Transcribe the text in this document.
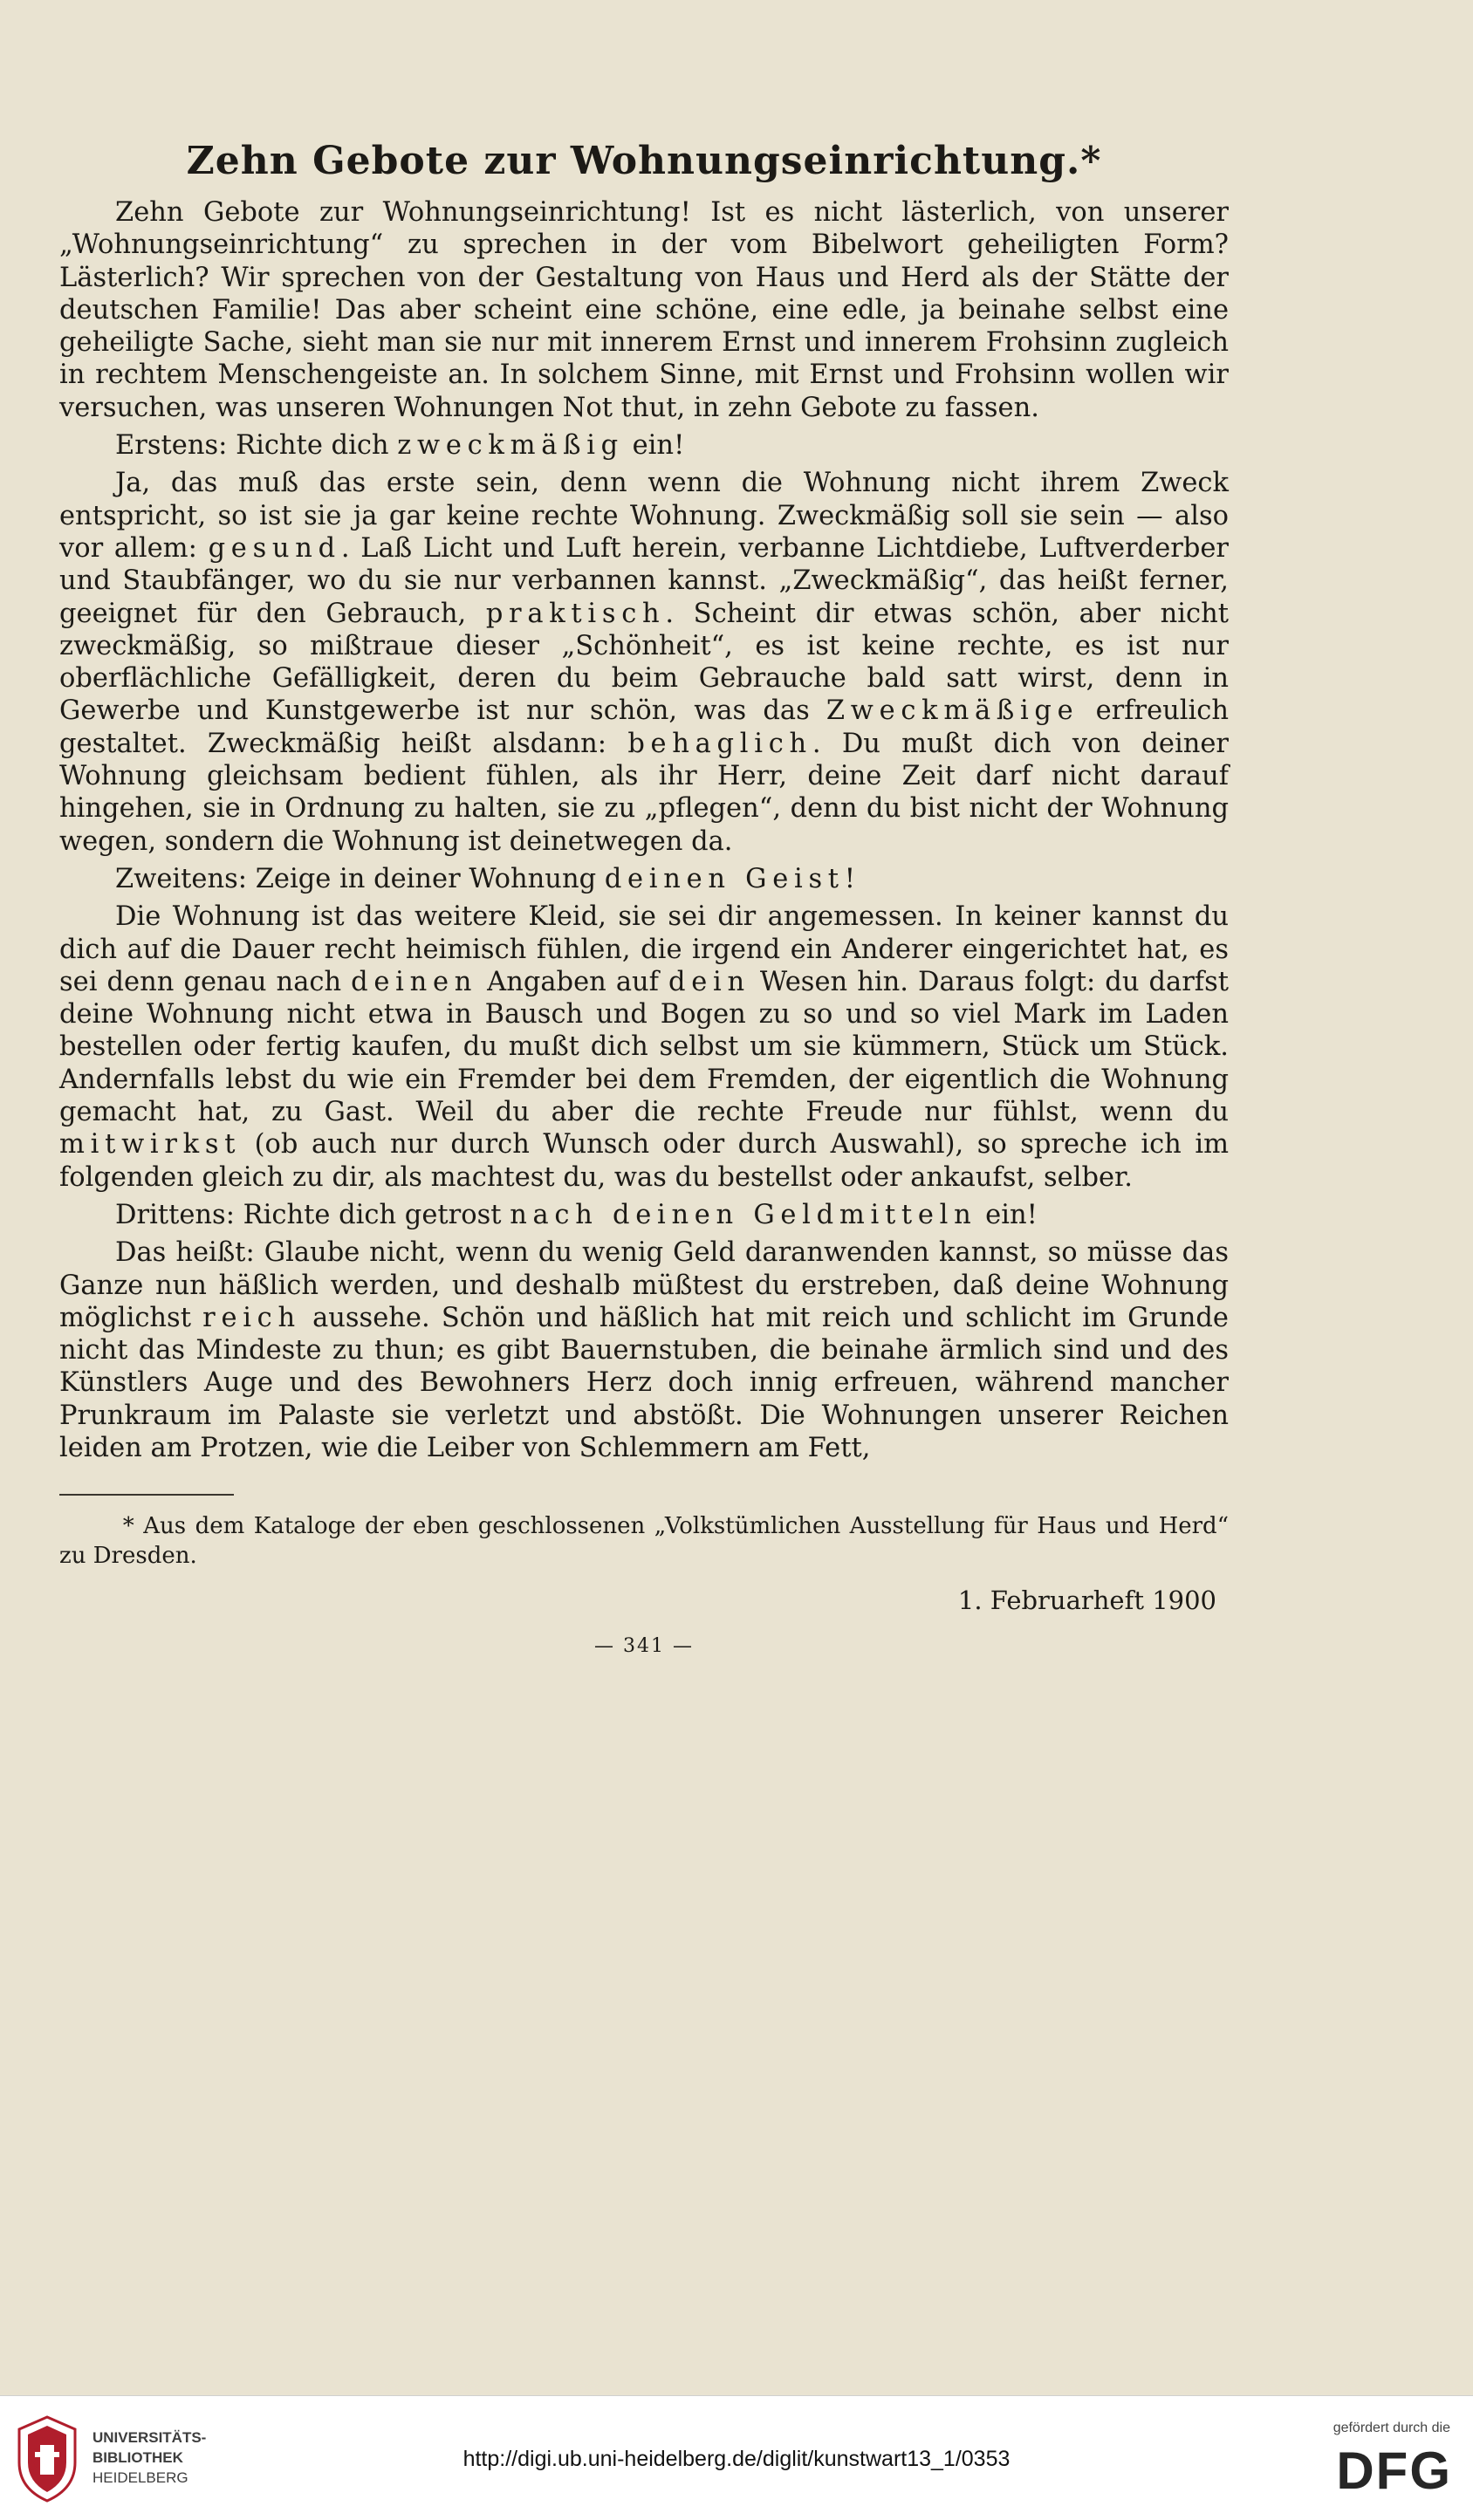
Zehn Gebote zur Wohnungseinrichtung.*

Zehn Gebote zur Wohnungseinrichtung! Ist es nicht lästerlich, von unserer „Wohnungseinrichtung“ zu sprechen in der vom Bibelwort geheiligten Form? Lästerlich? Wir sprechen von der Gestaltung von Haus und Herd als der Stätte der deutschen Familie! Das aber scheint eine schöne, eine edle, ja beinahe selbst eine geheiligte Sache, sieht man sie nur mit innerem Ernst und innerem Frohsinn zugleich in rechtem Menschengeiste an. In solchem Sinne, mit Ernst und Frohsinn wollen wir versuchen, was unseren Wohnungen Not thut, in zehn Gebote zu fassen.

Erstens: Richte dich zweckmäßig ein!

Ja, das muß das erste sein, denn wenn die Wohnung nicht ihrem Zweck entspricht, so ist sie ja gar keine rechte Wohnung. Zweckmäßig soll sie sein — also vor allem: gesund. Laß Licht und Luft herein, verbanne Lichtdiebe, Luftverderber und Staubfänger, wo du sie nur verbannen kannst. „Zweckmäßig“, das heißt ferner, geeignet für den Gebrauch, praktisch. Scheint dir etwas schön, aber nicht zweckmäßig, so mißtraue dieser „Schönheit“, es ist keine rechte, es ist nur oberflächliche Gefälligkeit, deren du beim Gebrauche bald satt wirst, denn in Gewerbe und Kunstgewerbe ist nur schön, was das Zweckmäßige erfreulich gestaltet. Zweckmäßig heißt alsdann: behaglich. Du mußt dich von deiner Wohnung gleichsam bedient fühlen, als ihr Herr, deine Zeit darf nicht darauf hingehen, sie in Ordnung zu halten, sie zu „pflegen“, denn du bist nicht der Wohnung wegen, sondern die Wohnung ist deinetwegen da.

Zweitens: Zeige in deiner Wohnung deinen Geist!

Die Wohnung ist das weitere Kleid, sie sei dir angemessen. In keiner kannst du dich auf die Dauer recht heimisch fühlen, die irgend ein Anderer eingerichtet hat, es sei denn genau nach deinen Angaben auf dein Wesen hin. Daraus folgt: du darfst deine Wohnung nicht etwa in Bausch und Bogen zu so und so viel Mark im Laden bestellen oder fertig kaufen, du mußt dich selbst um sie kümmern, Stück um Stück. Andernfalls lebst du wie ein Fremder bei dem Fremden, der eigentlich die Wohnung gemacht hat, zu Gast. Weil du aber die rechte Freude nur fühlst, wenn du mitwirkst (ob auch nur durch Wunsch oder durch Auswahl), so spreche ich im folgenden gleich zu dir, als machtest du, was du bestellst oder ankaufst, selber.

Drittens: Richte dich getrost nach deinen Geldmitteln ein!

Das heißt: Glaube nicht, wenn du wenig Geld daranwenden kannst, so müsse das Ganze nun häßlich werden, und deshalb müßtest du erstreben, daß deine Wohnung möglichst reich aussehe. Schön und häßlich hat mit reich und schlicht im Grunde nicht das Mindeste zu thun; es gibt Bauernstuben, die beinahe ärmlich sind und des Künstlers Auge und des Bewohners Herz doch innig erfreuen, während mancher Prunkraum im Palaste sie verletzt und abstößt. Die Wohnungen unserer Reichen leiden am Protzen, wie die Leiber von Schlemmern am Fett,

* Aus dem Kataloge der eben geschlossenen „Volkstümlichen Ausstellung für Haus und Herd“ zu Dresden.

1. Februarheft 1900
— 341 —
UNIVERSITÄTS-
BIBLIOTHEK
HEIDELBERG
http://digi.ub.uni-heidelberg.de/diglit/kunstwart13_1/0353
gefördert durch die
DFG
